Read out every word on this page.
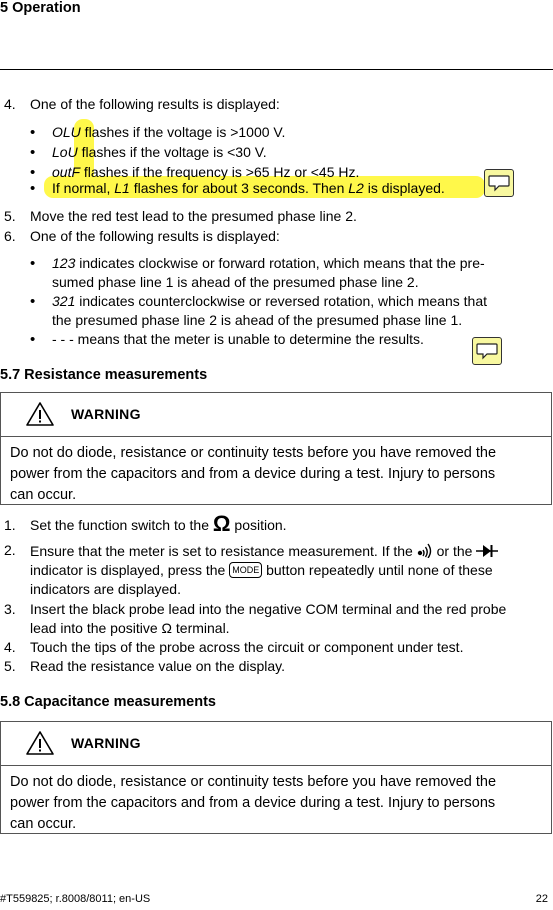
5 Operation
4. One of the following results is displayed:
• OLU flashes if the voltage is >1000 V.
• LoU flashes if the voltage is <30 V.
• outF flashes if the frequency is >65 Hz or <45 Hz.
• If normal, L1 flashes for about 3 seconds. Then L2 is displayed.
5. Move the red test lead to the presumed phase line 2.
6. One of the following results is displayed:
• 123 indicates clockwise or forward rotation, which means that the pre-
sumed phase line 1 is ahead of the presumed phase line 2.
• 321 indicates counterclockwise or reversed rotation, which means that
the presumed phase line 2 is ahead of the presumed phase line 1.
• - - - means that the meter is unable to determine the results.
5.7 Resistance measurements
WARNING
Do not do diode, resistance or continuity tests before you have removed the
power from the capacitors and from a device during a test. Injury to persons
can occur.
1. Set the function switch to the Ω position.
2. Ensure that the meter is set to resistance measurement. If the  or the
indicator is displayed, press the MODE button repeatedly until none of these
indicators are displayed.
3. Insert the black probe lead into the negative COM terminal and the red probe
lead into the positive Ω terminal.
4. Touch the tips of the probe across the circuit or component under test.
5. Read the resistance value on the display.
5.8 Capacitance measurements
WARNING
Do not do diode, resistance or continuity tests before you have removed the
power from the capacitors and from a device during a test. Injury to persons
can occur.
#T559825; r.8008/8011; en-US	22
